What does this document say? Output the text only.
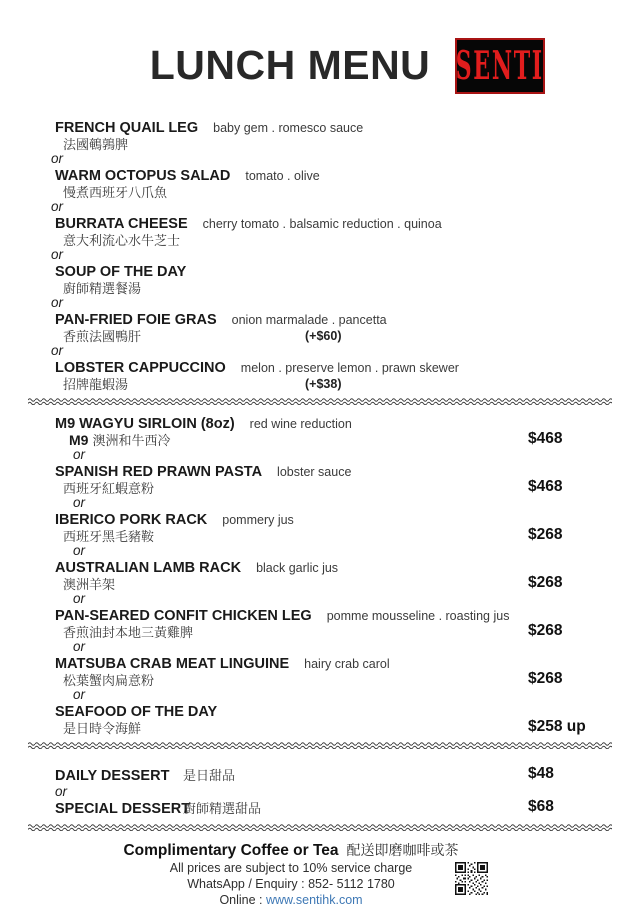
LUNCH MENU SENTI
FRENCH QUAIL LEG baby gem . romesco sauce
法國鵪鶉脾
or
WARM OCTOPUS SALAD tomato . olive
慢煮西班牙八爪魚
or
BURRATA CHEESE cherry tomato . balsamic reduction . quinoa
意大利流心水牛芝士
or
SOUP OF THE DAY
廚師精選餐湯
or
PAN-FRIED FOIE GRAS onion marmalade . pancetta
香煎法國鴨肝	(+$60)
or
LOBSTER CAPPUCCINO melon . preserve lemon . prawn skewer
招牌龍蝦湯	(+$38)
M9 WAGYU SIRLOIN (8oz) red wine reduction
M9 澳洲和牛西冷	$468
or
SPANISH RED PRAWN PASTA lobster sauce
西班牙紅蝦意粉	$468
or
IBERICO PORK RACK pommery jus
西班牙黑毛豬鞍	$268
or
AUSTRALIAN LAMB RACK black garlic jus
澳洲羊架	$268
or
PAN-SEARED CONFIT CHICKEN LEG pomme mousseline . roasting jus
香煎油封本地三黃雞脾	$268
or
MATSUBA CRAB MEAT LINGUINE hairy crab carol
松葉蟹肉扁意粉	$268
or
SEAFOOD OF THE DAY
是日時令海鮮	$258 up
DAILY DESSERT 是日甜品	$48
or
SPECIAL DESSERT廚師精選甜品	$68
Complimentary Coffee or Tea 配送即磨咖啡或茶
All prices are subject to 10% service charge
WhatsApp / Enquiry : 852- 5112 1780
Online : www.sentihk.com
